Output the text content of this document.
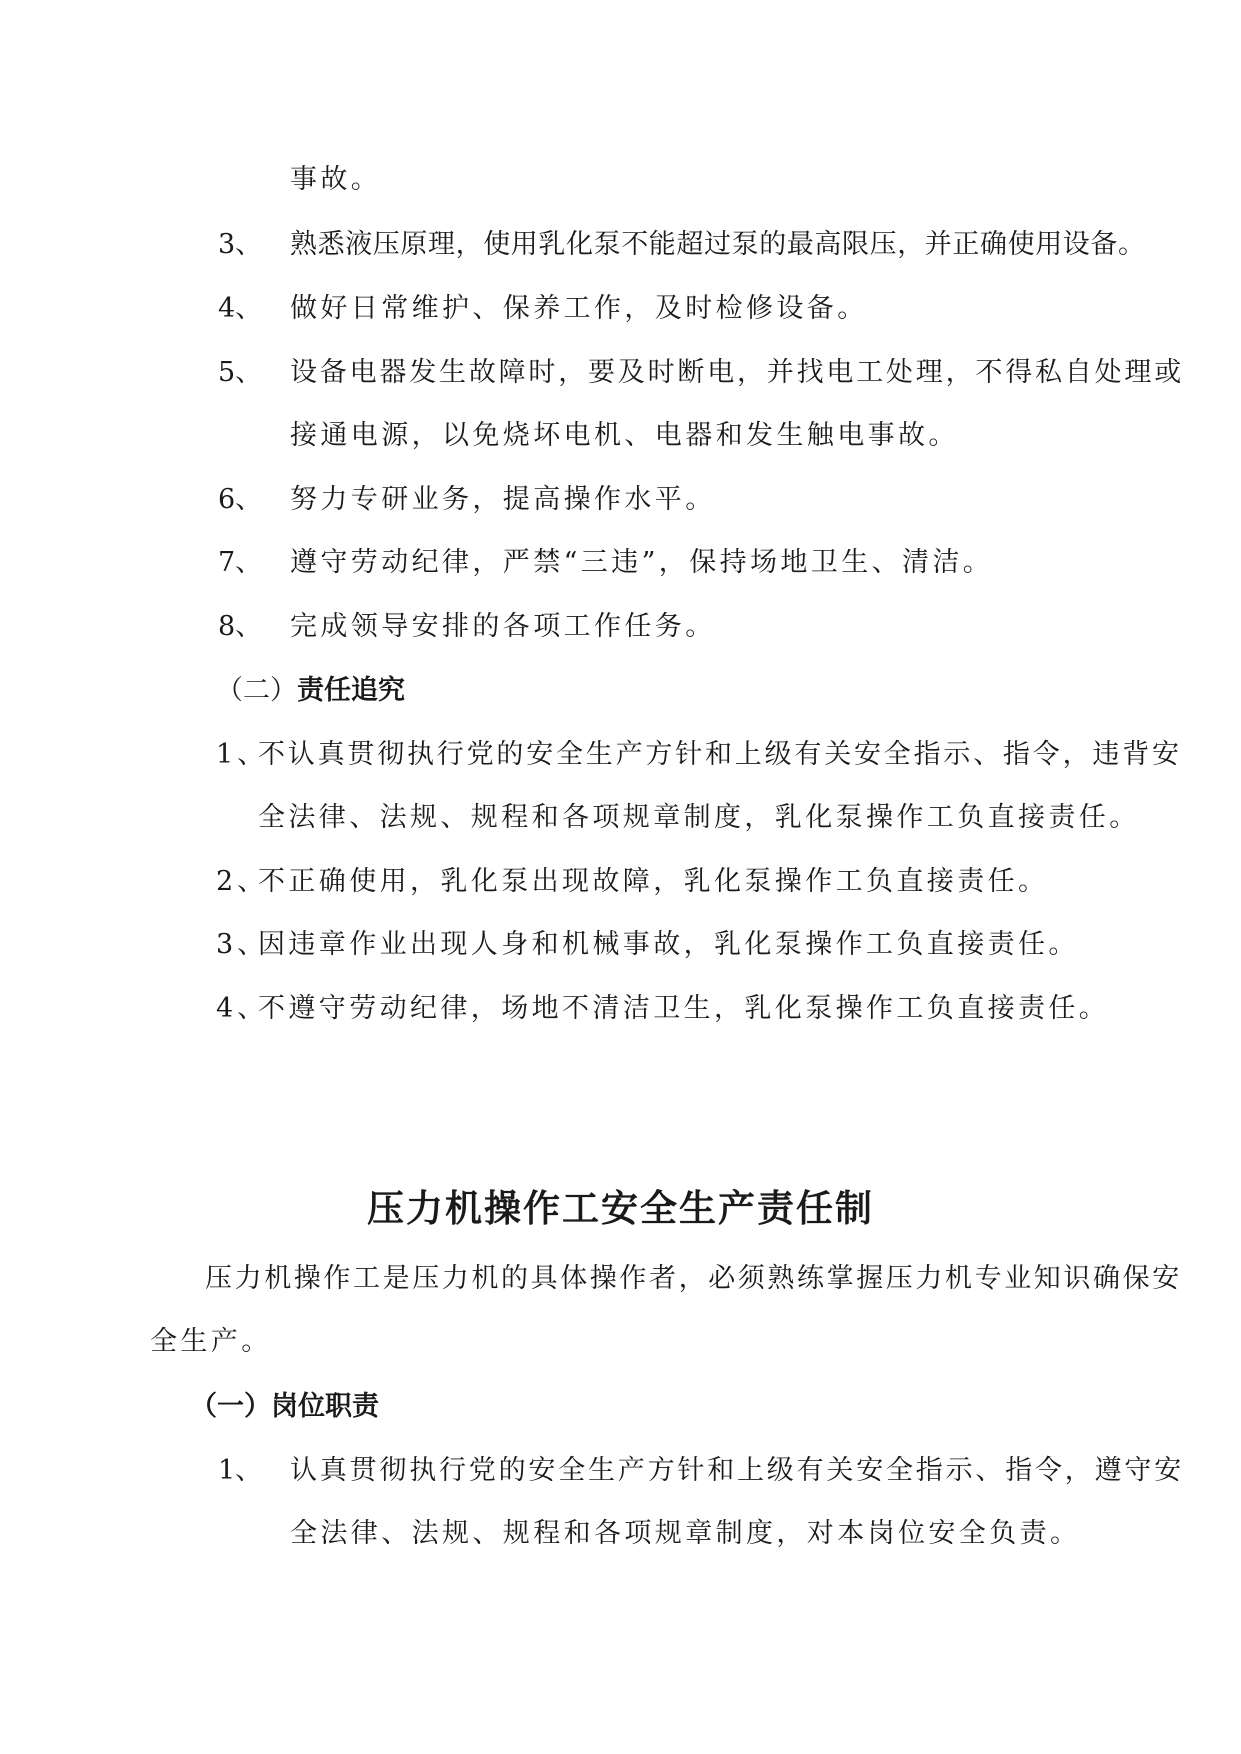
事故。
3、 熟悉液压原理，使用乳化泵不能超过泵的最高限压，并正确使用设备。
4、 做好日常维护、保养工作，及时检修设备。
5、 设备电器发生故障时，要及时断电，并找电工处理，不得私自处理或
接通电源，以免烧坏电机、电器和发生触电事故。
6、 努力专研业务，提高操作水平。
7、 遵守劳动纪律，严禁“三违”，保持场地卫生、清洁。
8、 完成领导安排的各项工作任务。
（二）责任追究
1、
不认真贯彻执行党的安全生产方针和上级有关安全指示、指令，违背安
全法律、法规、规程和各项规章制度，乳化泵操作工负直接责任。
2、
不正确使用，乳化泵出现故障，乳化泵操作工负直接责任。
3、
因违章作业出现人身和机械事故，乳化泵操作工负直接责任。
4、
不遵守劳动纪律，场地不清洁卫生，乳化泵操作工负直接责任。
压力机操作工安全生产责任制
压力机操作工是压力机的具体操作者，必须熟练掌握压力机专业知识确保安
全生产。
（一）岗位职责
1、 认真贯彻执行党的安全生产方针和上级有关安全指示、指令，遵守安
全法律、法规、规程和各项规章制度，对本岗位安全负责。
